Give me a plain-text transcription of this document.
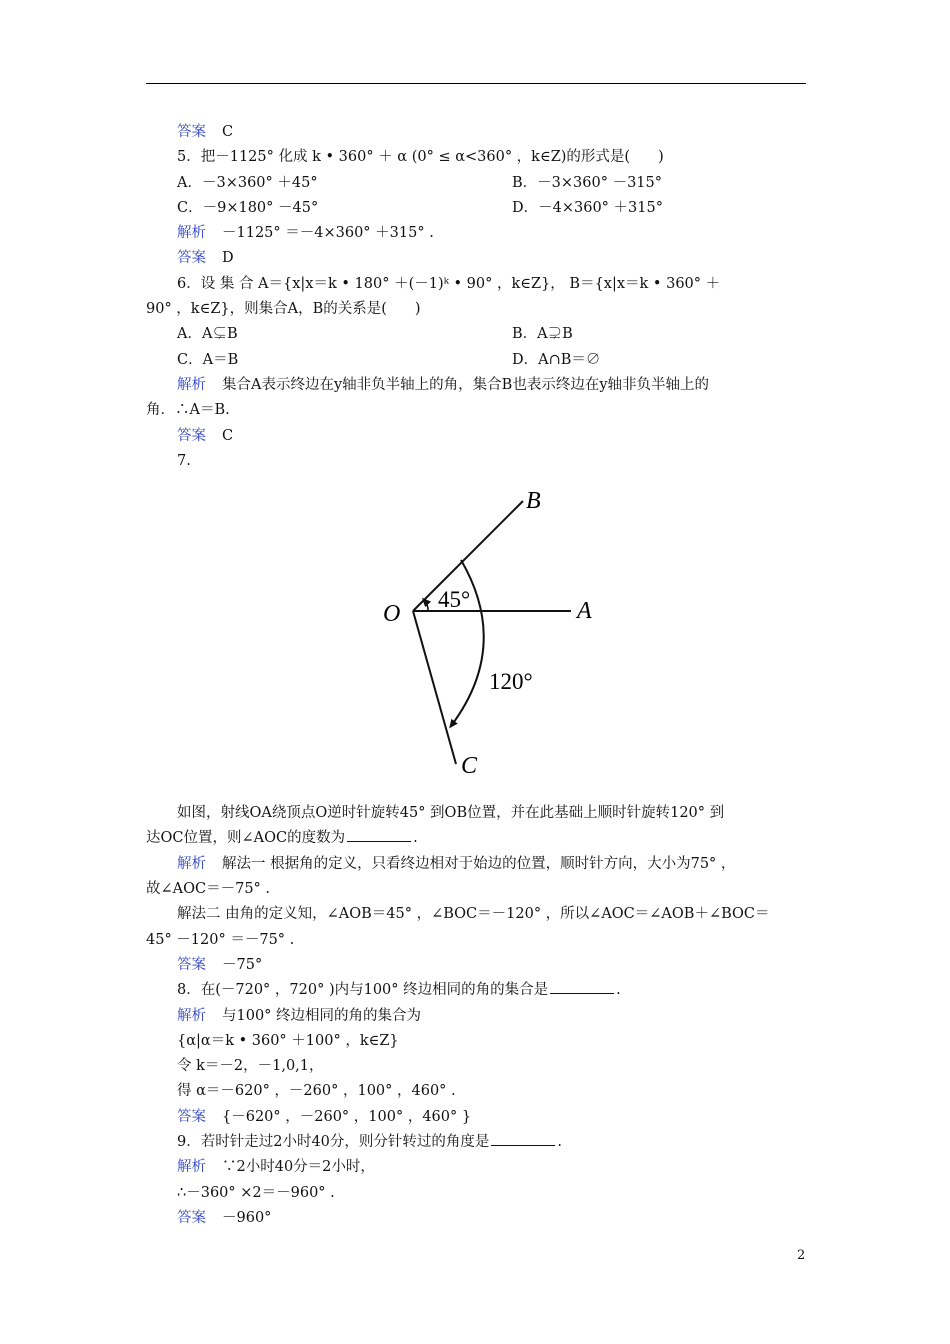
答案 C
5．把－1125° 化成 k • 360° ＋ α (0° ≤ α<360° ，k∈Z)的形式是( )
A．－3×360° ＋45°	B．－3×360° －315°
C．－9×180° －45°	D．－4×360° ＋315°
解析 －1125° ＝－4×360° ＋315° .
答案 D
6．设 集 合 A＝{x|x＝k • 180° ＋(－1)ᵏ • 90° ，k∈Z}， B＝{x|x＝k • 360° ＋
90° ，k∈Z}，则集合A，B的关系是( )
A．A⊊B	B．A⊋B
C．A＝B	D．A∩B＝∅
解析 集合A表示终边在y轴非负半轴上的角，集合B也表示终边在y轴非负半轴上的
角．∴A＝B.
答案 C
7.
B
O	A
C
45°
120°
如图，射线OA绕顶点O逆时针旋转45° 到OB位置，并在此基础上顺时针旋转120° 到
达OC位置，则∠AOC的度数为	.
解析 解法一 根据角的定义，只看终边相对于始边的位置，顺时针方向，大小为75° ，
故∠AOC＝－75° .
解法二 由角的定义知，∠AOB＝45° ，∠BOC＝－120° ，所以∠AOC＝∠AOB＋∠BOC＝
45° －120° ＝－75° .
答案 －75°
8．在(－720° ，720° )内与100° 终边相同的角的集合是	.
解析 与100° 终边相同的角的集合为
{α|α＝k • 360° ＋100° ，k∈Z}
令 k＝－2，－1,0,1，
得 α＝－620° ，－260° ，100° ，460° .
答案 {－620° ，－260° ，100° ，460° }
9．若时针走过2小时40分，则分针转过的角度是	.
解析 ∵2小时40分＝2小时，
∴－360° ×2＝－960° .
答案 －960°
2
